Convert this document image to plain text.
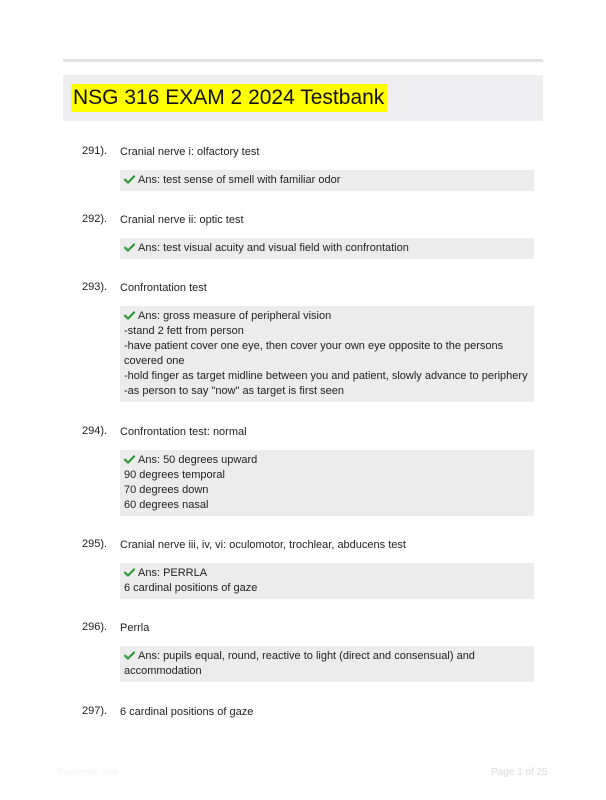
NSG 316 EXAM 2 2024 Testbank
291). Cranial nerve i: olfactory test
Ans: test sense of smell with familiar odor
292). Cranial nerve ii: optic test
Ans: test visual acuity and visual field with confrontation
293). Confrontation test
Ans: gross measure of peripheral vision
-stand 2 fett from person
-have patient cover one eye, then cover your own eye opposite to the persons covered one
-hold finger as target midline between you and patient, slowly advance to periphery
-as person to say "now" as target is first seen
294). Confrontation test: normal
Ans: 50 degrees upward
90 degrees temporal
70 degrees down
60 degrees nasal
295). Cranial nerve iii, iv, vi: oculomotor, trochlear, abducens test
Ans: PERRLA
6 cardinal positions of gaze
296). Perrla
Ans: pupils equal, round, reactive to light (direct and consensual) and accommodation
297). 6 cardinal positions of gaze
Paperbtbc.com	Page 1 of 25
